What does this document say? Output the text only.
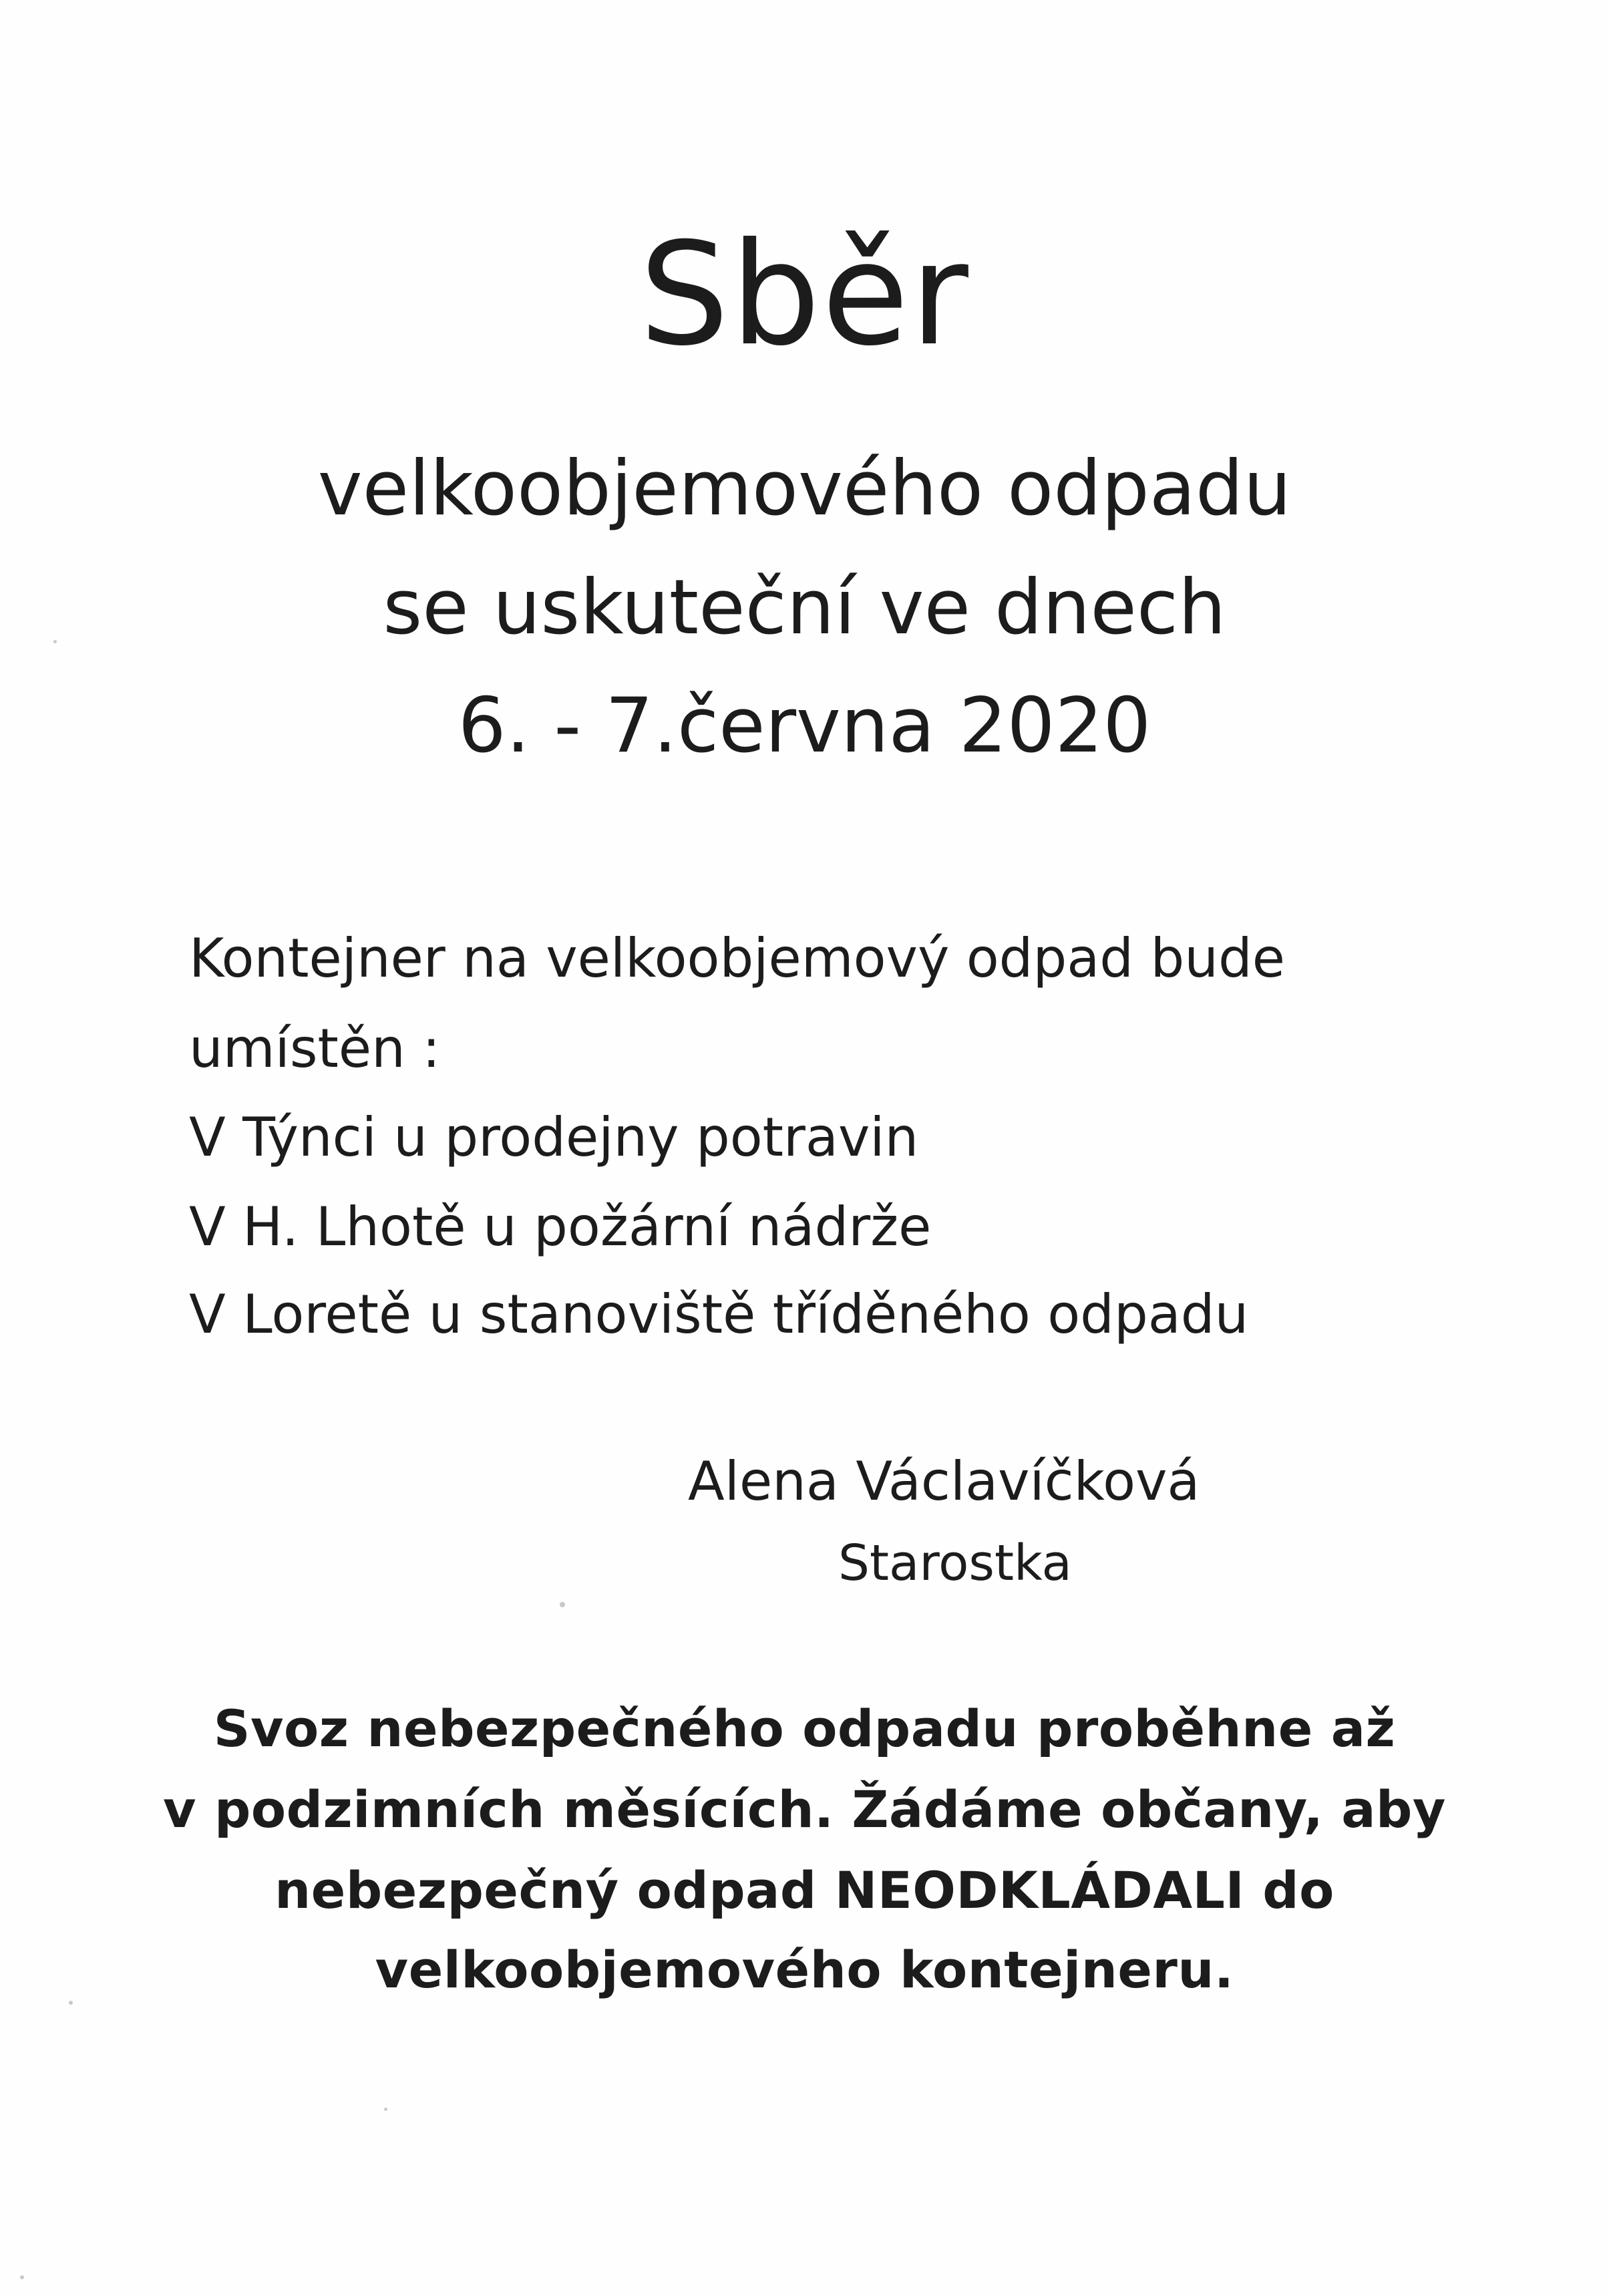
Sběr
velkoobjemového odpadu
se uskuteční ve dnech
6. - 7.června 2020
Kontejner na velkoobjemový odpad bude
umístěn :
V Týnci u prodejny potravin
V H. Lhotě u požární nádrže
V Loretě u stanoviště tříděného odpadu
Alena Václavíčková
Starostka
Svoz nebezpečného odpadu proběhne až
v podzimních měsících. Žádáme občany, aby
nebezpečný odpad NEODKLÁDALI do
velkoobjemového kontejneru.
